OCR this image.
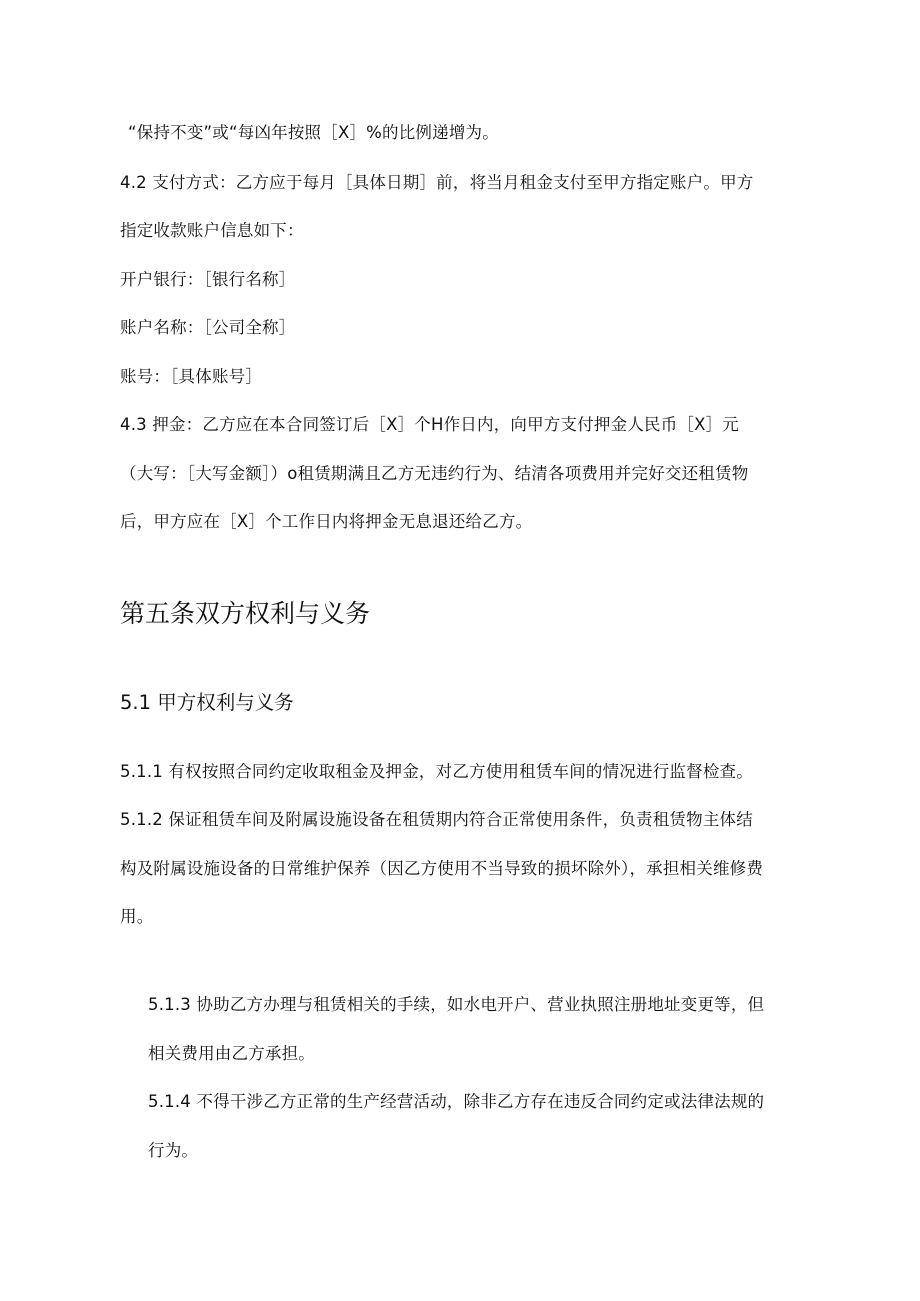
“保持不变”或“每凶年按照［X］%的比例递增为。
4.2 支付方式：乙方应于每月［具体日期］前，将当月租金支付至甲方指定账户。甲方
指定收款账户信息如下：
开户银行：［银行名称］
账户名称：［公司全称］
账号：［具体账号］
4.3 押金：乙方应在本合同签订后［X］个H作日内，向甲方支付押金人民币［X］元
（大写：［大写金额］）o租赁期满且乙方无违约行为、结清各项费用并完好交还租赁物
后，甲方应在［X］个工作日内将押金无息退还给乙方。
第五条双方权利与义务
5.1 甲方权利与义务
5.1.1 有权按照合同约定收取租金及押金，对乙方使用租赁车间的情况进行监督检查。
5.1.2 保证租赁车间及附属设施设备在租赁期内符合正常使用条件，负责租赁物主体结
构及附属设施设备的日常维护保养（因乙方使用不当导致的损坏除外），承担相关维修费
用。
5.1.3 协助乙方办理与租赁相关的手续，如水电开户、营业执照注册地址变更等，但
相关费用由乙方承担。
5.1.4 不得干涉乙方正常的生产经营活动，除非乙方存在违反合同约定或法律法规的
行为。
